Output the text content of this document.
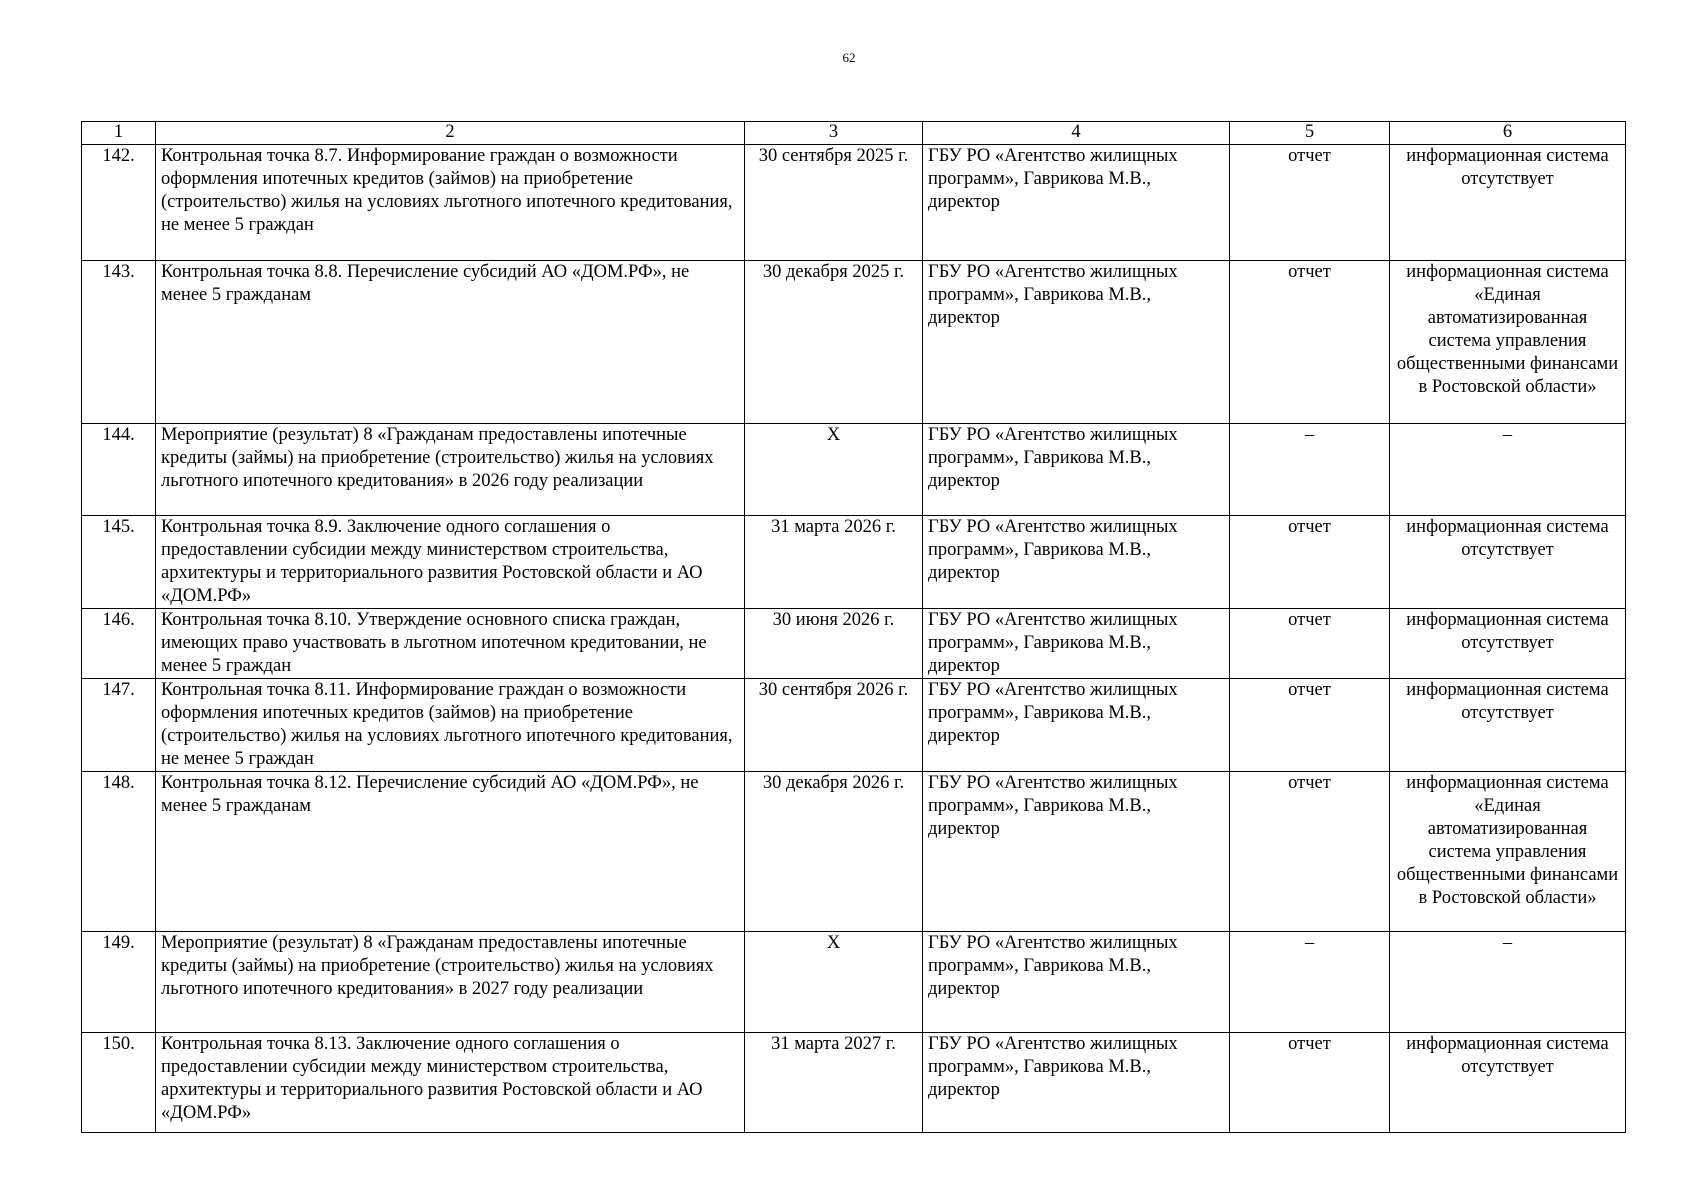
62
1	2	3	4	5	6
142.	Контрольная точка 8.7. Информирование граждан о возможности оформления ипотечных кредитов (займов) на приобретение (строительство) жилья на условиях льготного ипотечного кредитования, не менее 5 граждан	30 сентября 2025 г.	ГБУ РО «Агентство жилищных программ», Гаврикова М.В., директор	отчет	информационная система отсутствует
143.	Контрольная точка 8.8. Перечисление субсидий АО «ДОМ.РФ», не менее 5 гражданам	30 декабря 2025 г.	ГБУ РО «Агентство жилищных программ», Гаврикова М.В., директор	отчет	информационная система «Единая автоматизированная система управления общественными финансами в Ростовской области»
144.	Мероприятие (результат) 8 «Гражданам предоставлены ипотечные кредиты (займы) на приобретение (строительство) жилья на условиях льготного ипотечного кредитования» в 2026 году реализации	X	ГБУ РО «Агентство жилищных программ», Гаврикова М.В., директор	–	–
145.	Контрольная точка 8.9. Заключение одного соглашения о предоставлении субсидии между министерством строительства, архитектуры и территориального развития Ростовской области и АО «ДОМ.РФ»	31 марта 2026 г.	ГБУ РО «Агентство жилищных программ», Гаврикова М.В., директор	отчет	информационная система отсутствует
146.	Контрольная точка 8.10. Утверждение основного списка граждан, имеющих право участвовать в льготном ипотечном кредитовании, не менее 5 граждан	30 июня 2026 г.	ГБУ РО «Агентство жилищных программ», Гаврикова М.В., директор	отчет	информационная система отсутствует
147.	Контрольная точка 8.11. Информирование граждан о возможности оформления ипотечных кредитов (займов) на приобретение (строительство) жилья на условиях льготного ипотечного кредитования, не менее 5 граждан	30 сентября 2026 г.	ГБУ РО «Агентство жилищных программ», Гаврикова М.В., директор	отчет	информационная система отсутствует
148.	Контрольная точка 8.12. Перечисление субсидий АО «ДОМ.РФ», не менее 5 гражданам	30 декабря 2026 г.	ГБУ РО «Агентство жилищных программ», Гаврикова М.В., директор	отчет	информационная система «Единая автоматизированная система управления общественными финансами в Ростовской области»
149.	Мероприятие (результат) 8 «Гражданам предоставлены ипотечные кредиты (займы) на приобретение (строительство) жилья на условиях льготного ипотечного кредитования» в 2027 году реализации	X	ГБУ РО «Агентство жилищных программ», Гаврикова М.В., директор	–	–
150.	Контрольная точка 8.13. Заключение одного соглашения о предоставлении субсидии между министерством строительства, архитектуры и территориального развития Ростовской области и АО «ДОМ.РФ»	31 марта 2027 г.	ГБУ РО «Агентство жилищных программ», Гаврикова М.В., директор	отчет	информационная система отсутствует
